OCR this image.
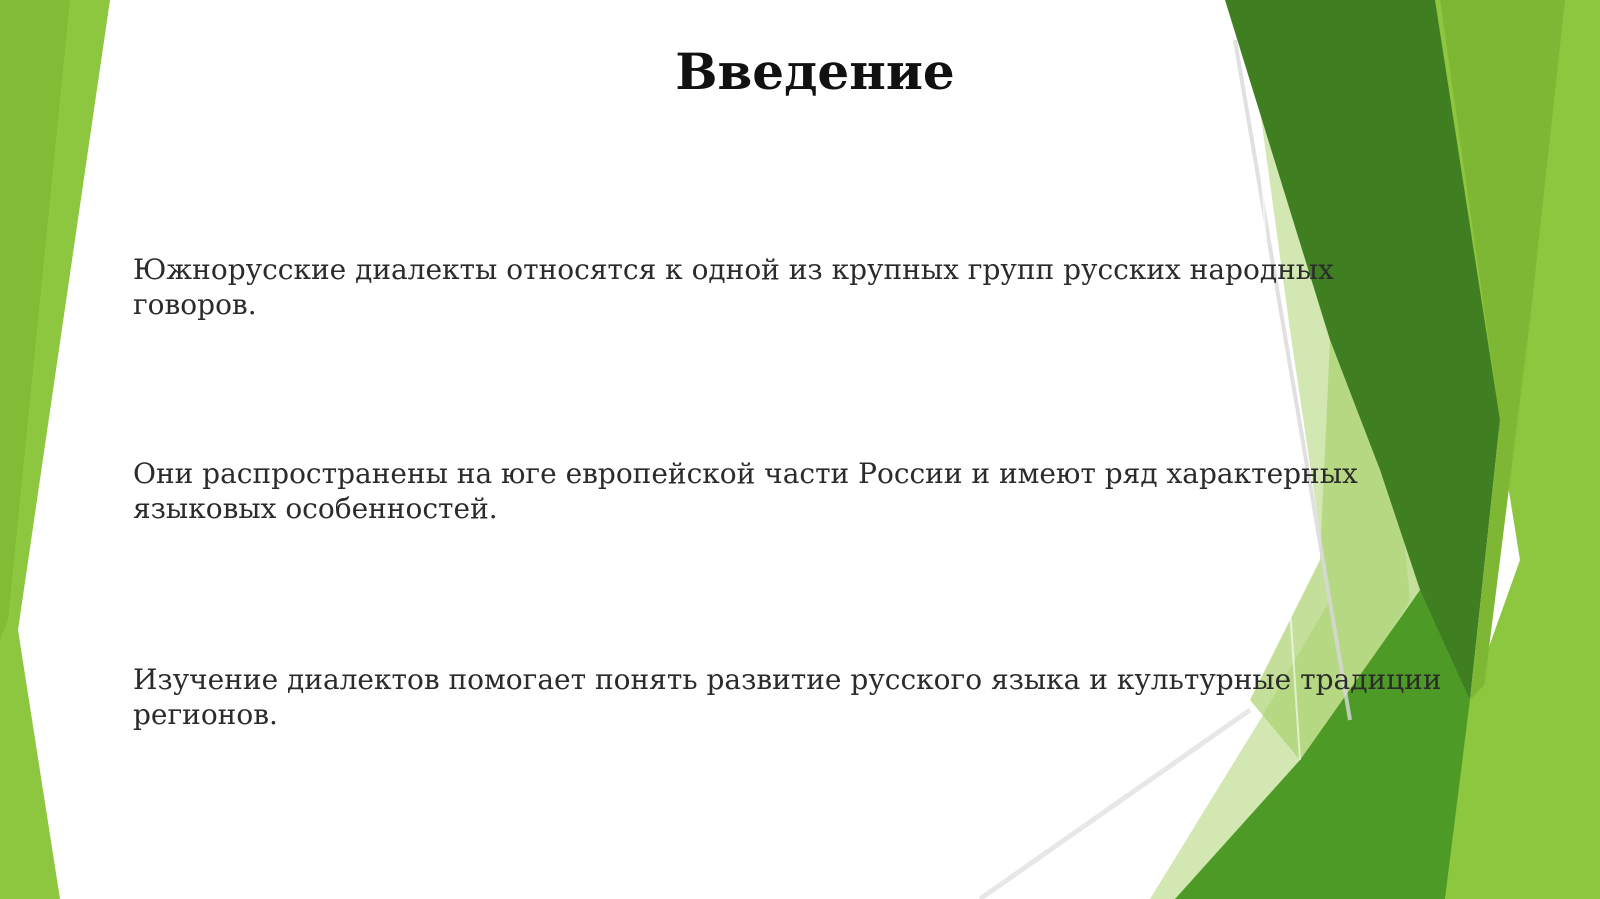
Введение

Южнорусские диалекты относятся к одной из крупных групп русских народных
говоров.

Они распространены на юге европейской части России и имеют ряд характерных
языковых особенностей.

Изучение диалектов помогает понять развитие русского языка и культурные традиции
регионов.
